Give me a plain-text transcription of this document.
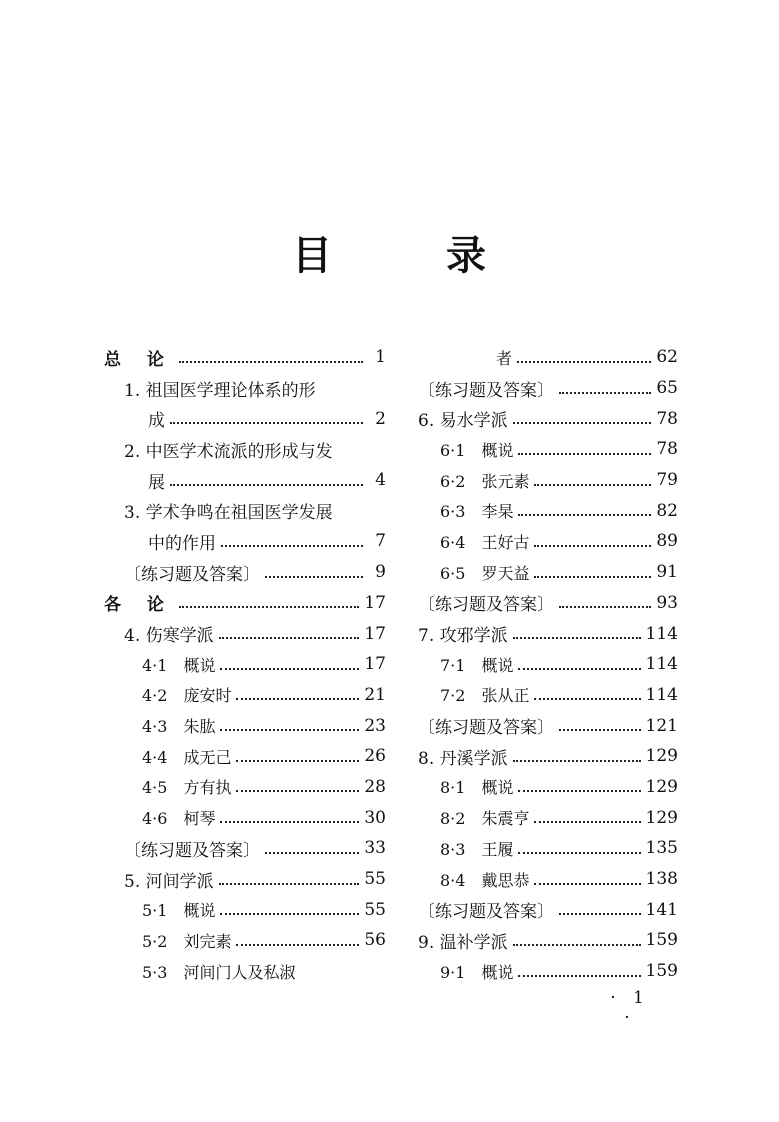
目	录
总 论	1
1. 祖国医学理论体系的形
成	2
2. 中医学术流派的形成与发
展	4
3. 学术争鸣在祖国医学发展
中的作用	7
〔练习题及答案〕	9
各 论	17
4. 伤寒学派	17
4·1　概说	17
4·2　庞安时	21
4·3　朱肱	23
4·4　成无己	26
4·5　方有执	28
4·6　柯琴	30
〔练习题及答案〕	33
5. 河间学派	55
5·1　概说	55
5·2　刘完素	56
5·3　河间门人及私淑
者	62
〔练习题及答案〕	65
6. 易水学派	78
6·1　概说	78
6·2　张元素	79
6·3　李杲	82
6·4　王好古	89
6·5　罗天益	91
〔练习题及答案〕	93
7. 攻邪学派	114
7·1　概说	114
7·2　张从正	114
〔练习题及答案〕	121
8. 丹溪学派	129
8·1　概说	129
8·2　朱震亨	129
8·3　王履	135
8·4　戴思恭	138
〔练习题及答案〕	141
9. 温补学派	159
9·1　概说	159
· 1 ·
